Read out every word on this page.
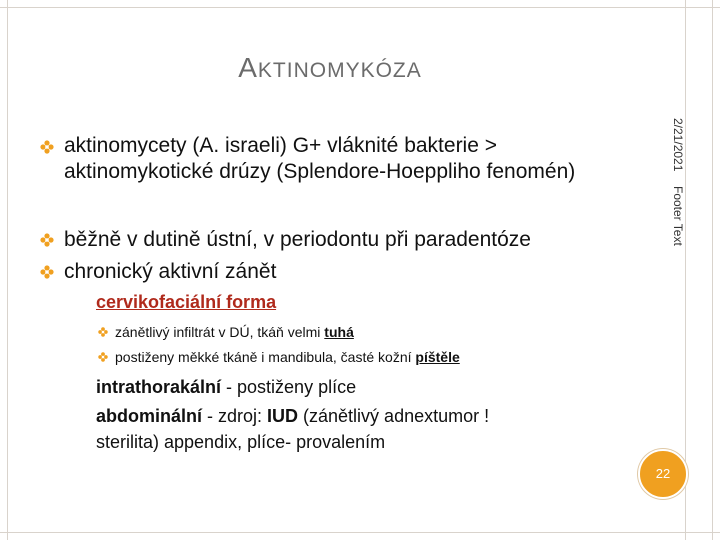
AKTINOMYKÓZA
2/21/2021
Footer Text
aktinomycety (A. israeli) G+ vláknité bakterie > aktinomykotické drúzy (Splendore-Hoeppliho fenomén)
běžně v dutině ústní, v periodontu při paradentóze
chronický aktivní zánět
cervikofaciální forma
zánětlivý infiltrát v DÚ, tkáň velmi tuhá
postiženy měkké tkáně i mandibula, časté kožní píštěle
intrathorakální - postiženy plíce
abdominální - zdroj: IUD (zánětlivý adnextumor !
sterilita) appendix, plíce- provalením
22
